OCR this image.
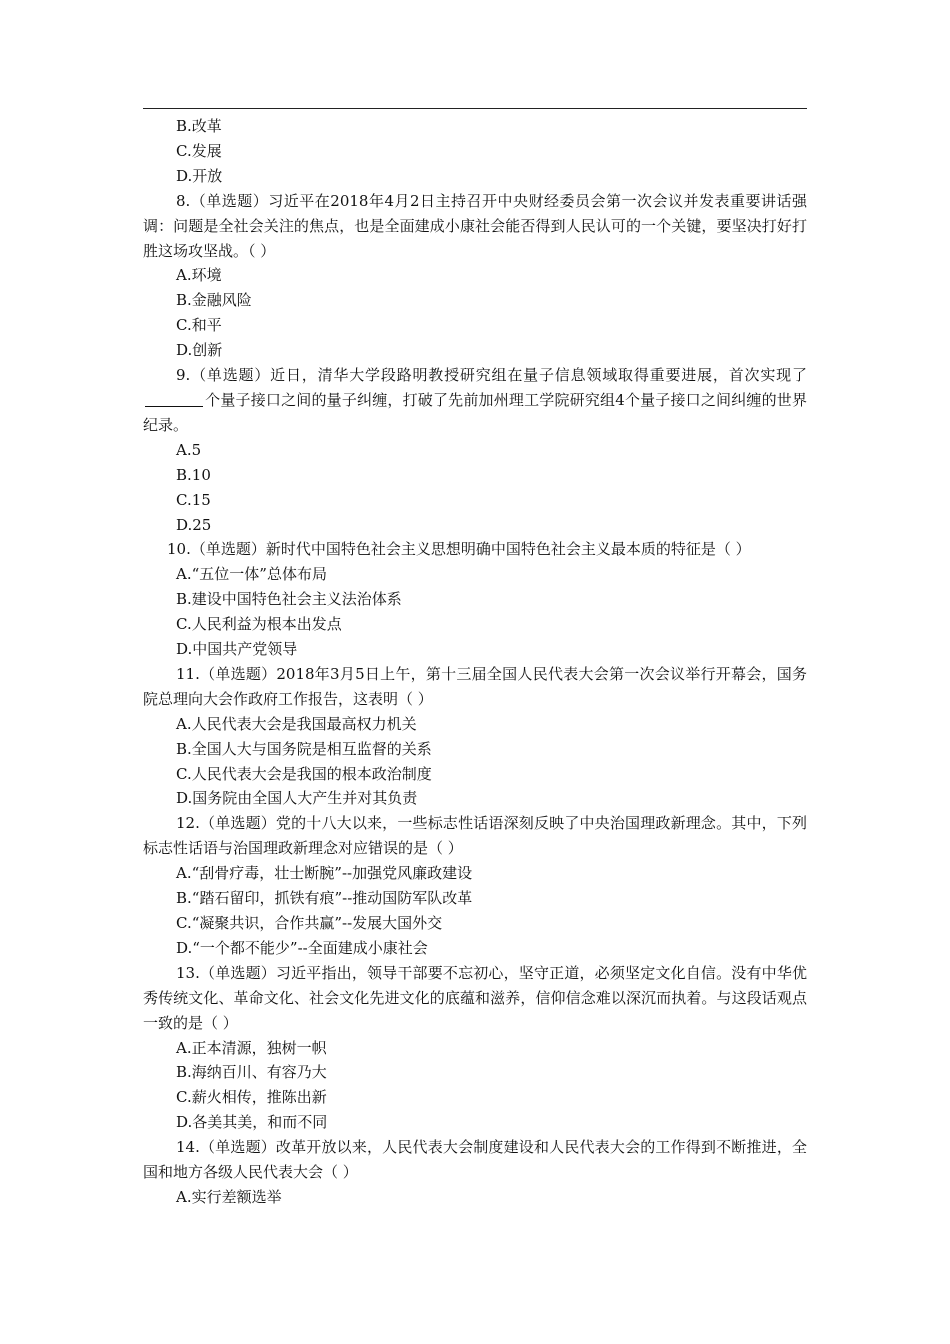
B.改革
C.发展
D.开放
8.（单选题）习近平在2018年4月2日主持召开中央财经委员会第一次会议并发表重要讲话强调：问题是全社会关注的焦点，也是全面建成小康社会能否得到人民认可的一个关键，要坚决打好打胜这场攻坚战。（ ）
A.环境
B.金融风险
C.和平
D.创新
9.（单选题）近日，清华大学段路明教授研究组在量子信息领域取得重要进展，首次实现了个量子接口之间的量子纠缠，打破了先前加州理工学院研究组4个量子接口之间纠缠的世界纪录。
A.5
B.10
C.15
D.25
10.（单选题）新时代中国特色社会主义思想明确中国特色社会主义最本质的特征是（ ）
A.“五位一体”总体布局
B.建设中国特色社会主义法治体系
C.人民利益为根本出发点
D.中国共产党领导
11.（单选题）2018年3月5日上午，第十三届全国人民代表大会第一次会议举行开幕会，国务院总理向大会作政府工作报告，这表明（ ）
A.人民代表大会是我国最高权力机关
B.全国人大与国务院是相互监督的关系
C.人民代表大会是我国的根本政治制度
D.国务院由全国人大产生并对其负责
12.（单选题）党的十八大以来，一些标志性话语深刻反映了中央治国理政新理念。其中，下列标志性话语与治国理政新理念对应错误的是（ ）
A.“刮骨疗毒，壮士断腕”--加强党风廉政建设
B.“踏石留印，抓铁有痕”--推动国防军队改革
C.“凝聚共识，合作共赢”--发展大国外交
D.“一个都不能少”--全面建成小康社会
13.（单选题）习近平指出，领导干部要不忘初心，坚守正道，必须坚定文化自信。没有中华优秀传统文化、革命文化、社会文化先进文化的底蕴和滋养，信仰信念难以深沉而执着。与这段话观点一致的是（ ）
A.正本清源，独树一帜
B.海纳百川、有容乃大
C.薪火相传，推陈出新
D.各美其美，和而不同
14.（单选题）改革开放以来，人民代表大会制度建设和人民代表大会的工作得到不断推进，全国和地方各级人民代表大会（ ）
A.实行差额选举
